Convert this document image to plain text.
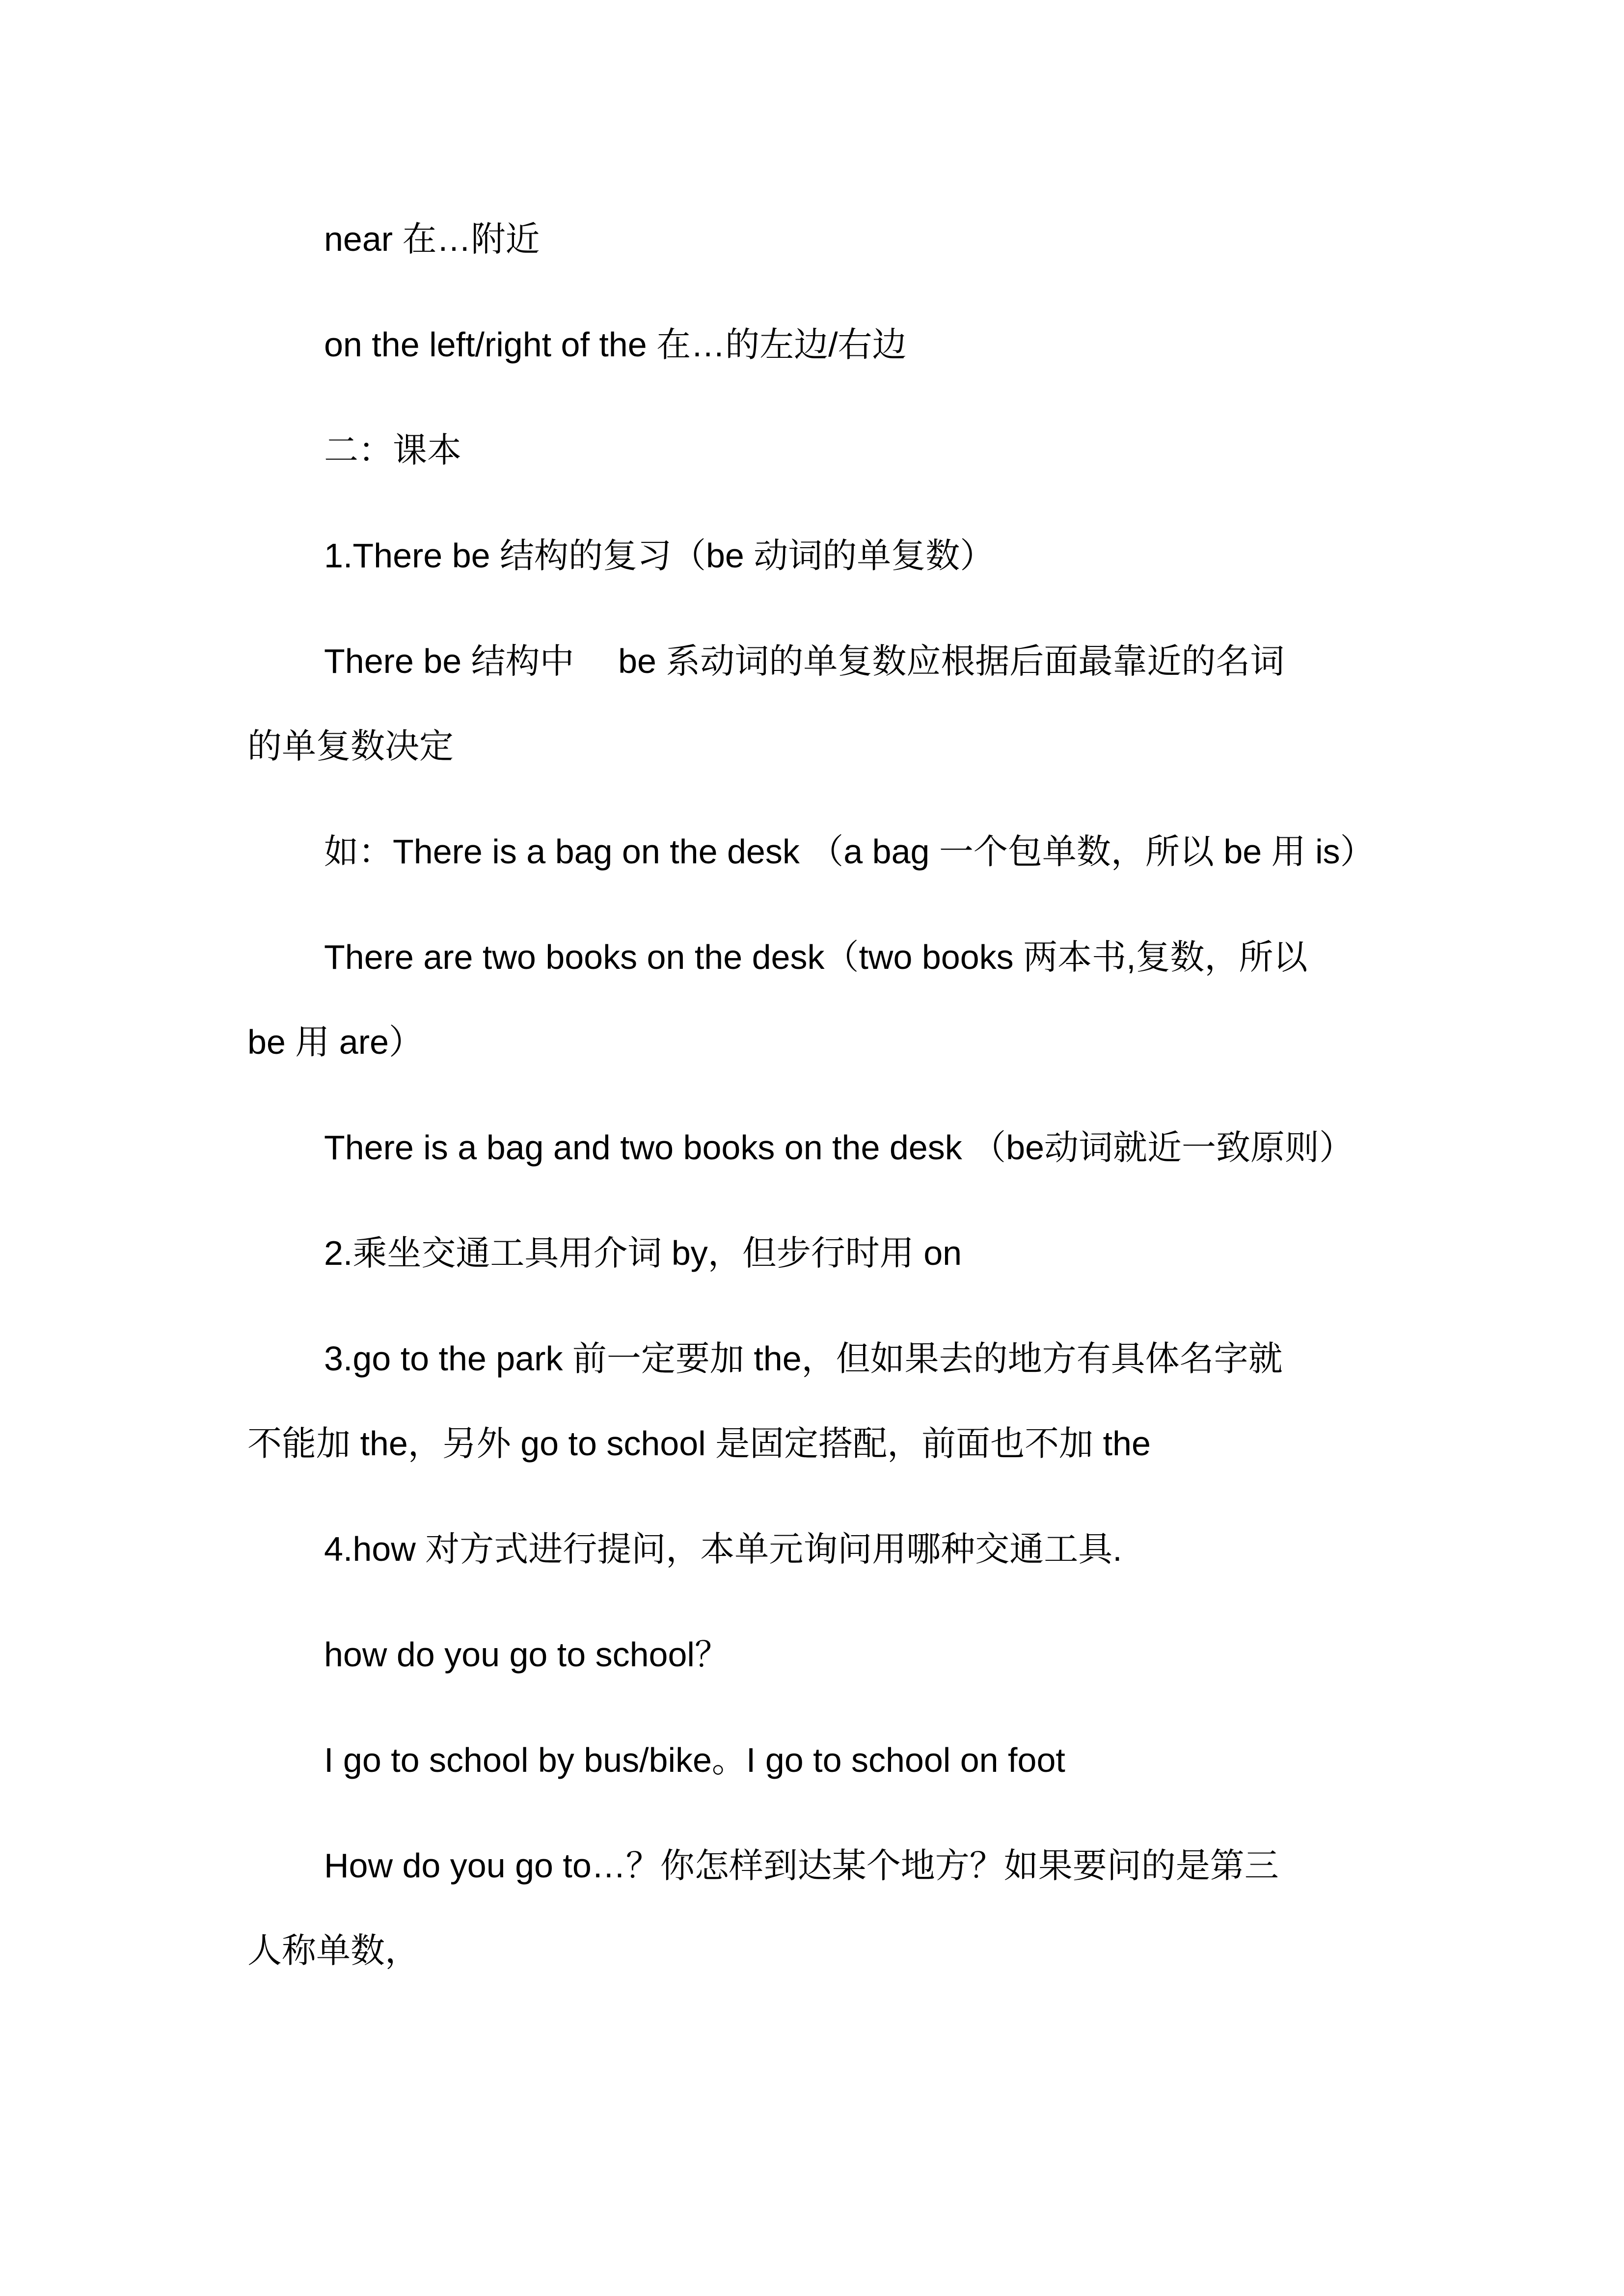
near 在…附近
on the left/right of the 在…的左边/右边
二：课本
1.There be 结构的复习（be 动词的单复数）
There be 结构中　 be 系动词的单复数应根据后面最靠近的名词
的单复数决定
如：There is a bag on the desk （a bag 一个包单数，所以 be 用 is）
There are two books on the desk（two books 两本书,复数，所以
be 用 are）
There is a bag and two books on the desk （be动词就近一致原则）
2.乘坐交通工具用介词 by，但步行时用 on
3.go to the park 前一定要加 the，但如果去的地方有具体名字就
不能加 the，另外 go to school 是固定搭配，前面也不加 the
4.how 对方式进行提问，本单元询问用哪种交通工具.
how do you go to school？
I go to school by bus/bike。I go to school on foot
How do you go to…？你怎样到达某个地方？如果要问的是第三
人称单数，
